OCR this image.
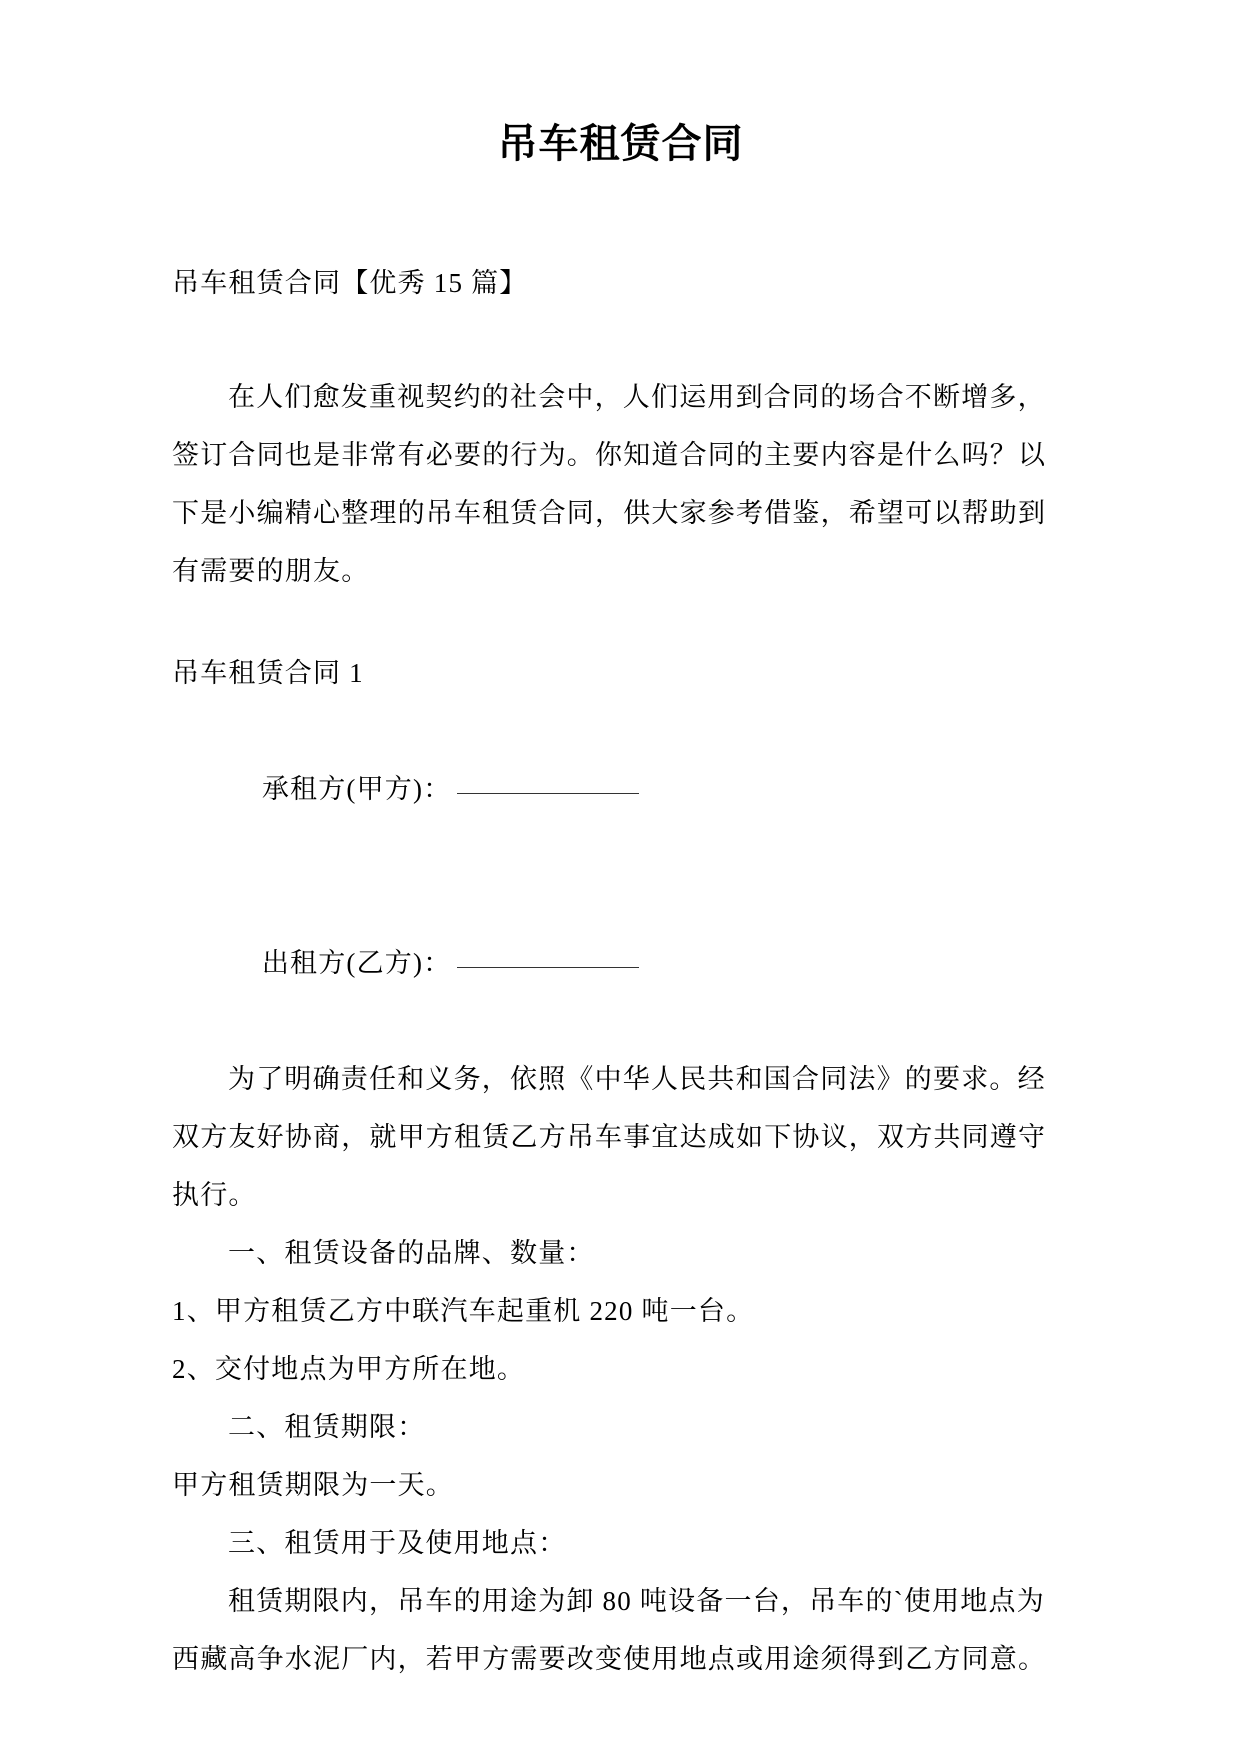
吊车租赁合同
吊车租赁合同【优秀 15 篇】
在人们愈发重视契约的社会中，人们运用到合同的场合不断增多，签订合同也是非常有必要的行为。你知道合同的主要内容是什么吗？以下是小编精心整理的吊车租赁合同，供大家参考借鉴，希望可以帮助到有需要的朋友。
吊车租赁合同 1

承租方(甲方)：

出租方(乙方)：

为了明确责任和义务，依照《中华人民共和国合同法》的要求。经双方友好协商，就甲方租赁乙方吊车事宜达成如下协议，双方共同遵守执行。
一、租赁设备的品牌、数量：
1、甲方租赁乙方中联汽车起重机 220 吨一台。
2、交付地点为甲方所在地。
二、租赁期限：
甲方租赁期限为一天。
三、租赁用于及使用地点：
租赁期限内，吊车的用途为卸 80 吨设备一台，吊车的`使用地点为西藏高争水泥厂内，若甲方需要改变使用地点或用途须得到乙方同意。
